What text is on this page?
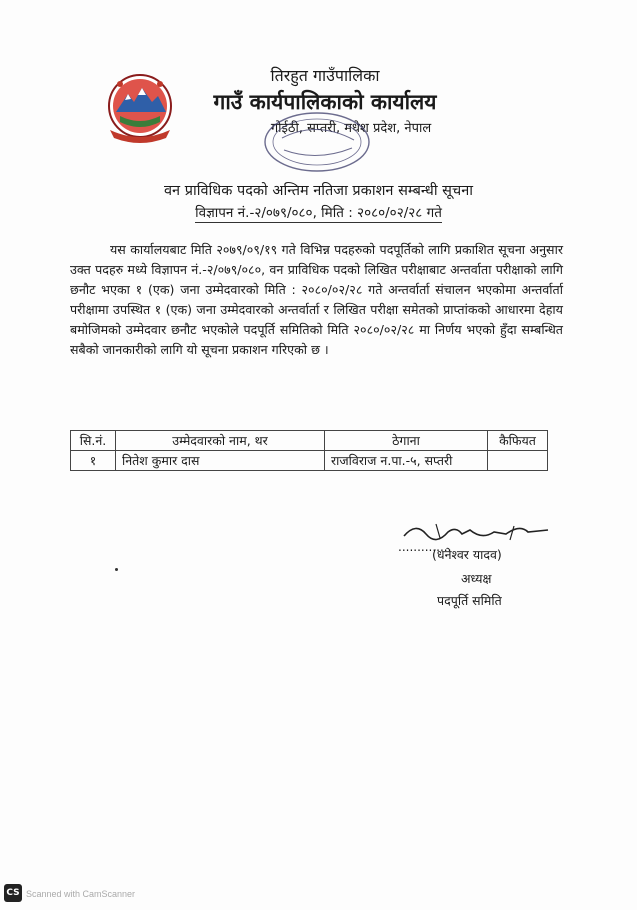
तिरहुत गाउँपालिका
गाउँ कार्यपालिकाको कार्यालय
गोईठी, सप्तरी, मधेश प्रदेश, नेपाल
वन प्राविधिक पदको अन्तिम नतिजा प्रकाशन सम्बन्धी सूचना
विज्ञापन नं.-२/०७९/०८०, मिति : २०८०/०२/२८ गते
यस कार्यालयबाट मिति २०७९/०९/१९ गते विभिन्न पदहरुको पदपूर्तिको लागि प्रकाशित सूचना अनुसार उक्त पदहरु मध्ये विज्ञापन नं.-२/०७९/०८०, वन प्राविधिक पदको लिखित परीक्षाबाट अन्तर्वाता परीक्षाको लागि छनौट भएका १ (एक) जना उम्मेदवारको मिति : २०८०/०२/२८ गते अन्तर्वार्ता संचालन भएकोमा अन्तर्वार्ता परीक्षामा उपस्थित १ (एक) जना उम्मेदवारको अन्तर्वार्ता र लिखित परीक्षा समेतको प्राप्तांकको आधारमा देहाय बमोजिमको उम्मेदवार छनौट भएकोले पदपूर्ति समितिको मिति २०८०/०२/२८ मा निर्णय भएको हुँदा सम्बन्धित सबैको जानकारीको लागि यो सूचना प्रकाशन गरिएको छ ।
सि.नं.	उम्मेदवारको नाम, थर	ठेगाना	कैफियत
१	नितेश कुमार दास	राजविराज न.पा.-५, सप्तरी	
..............
(धनेश्वर यादव)
अध्यक्ष
पदपूर्ति समिति
CS Scanned with CamScanner
